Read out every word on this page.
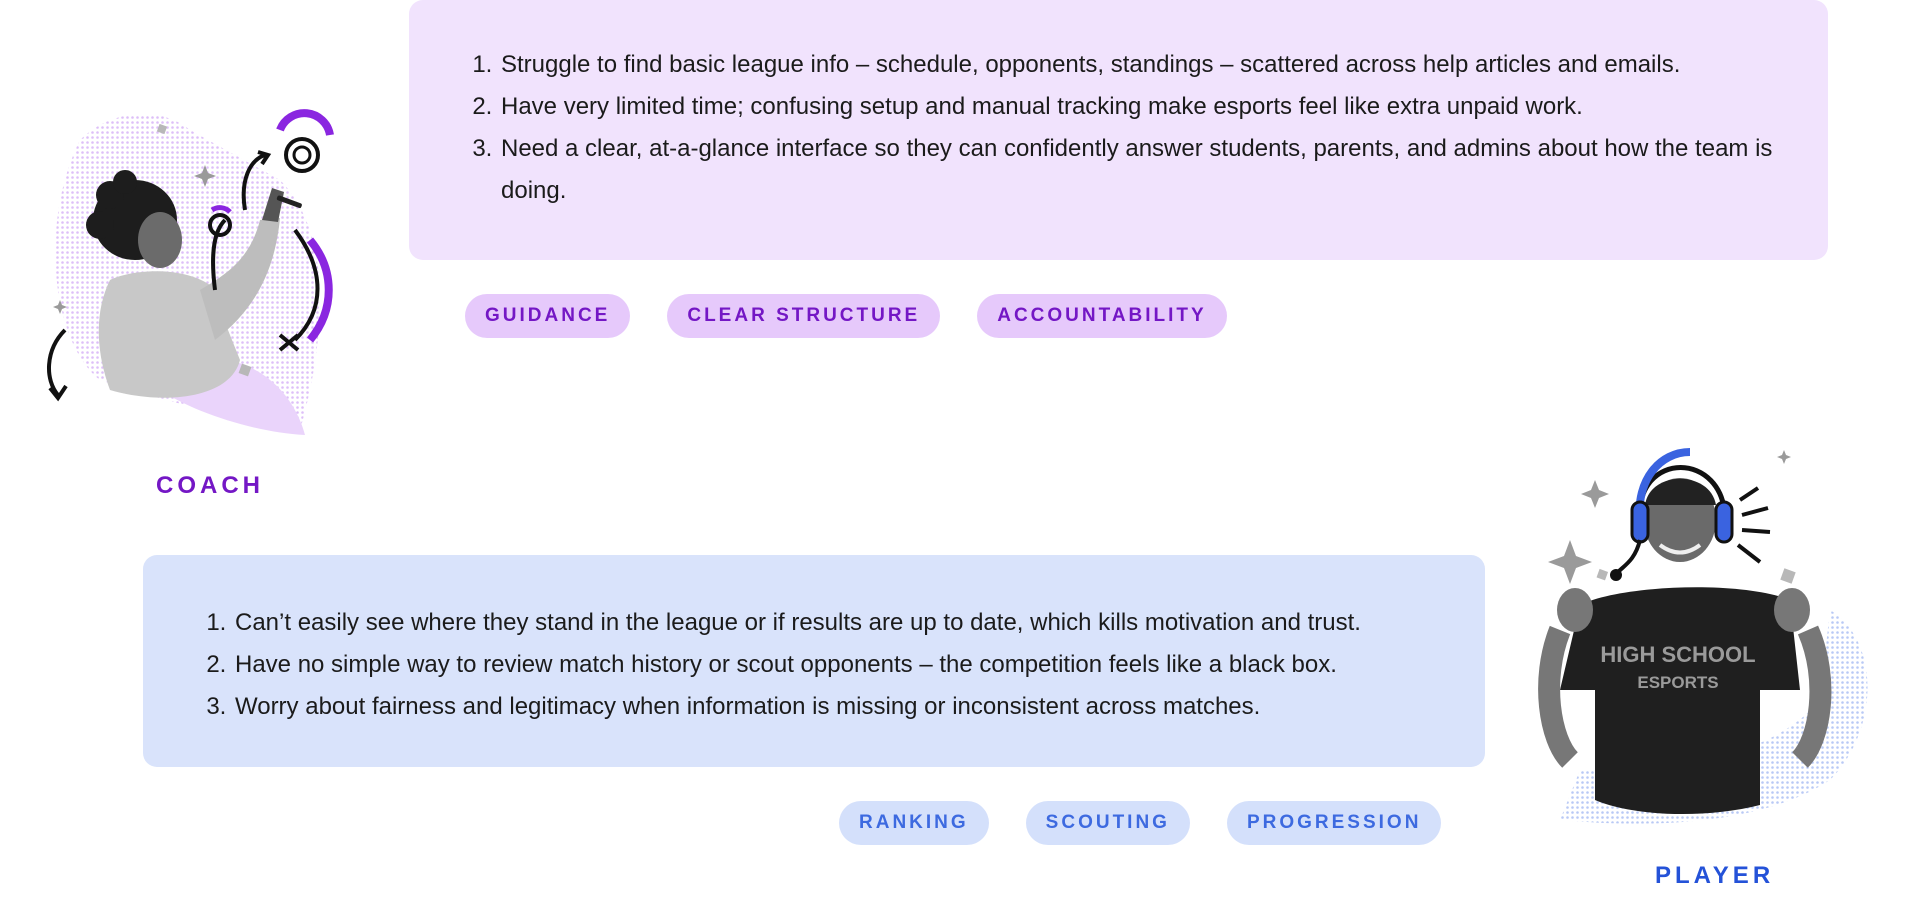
HIGH SCHOOL
ESPORTS
1. Struggle to find basic league info – schedule, opponents, standings – scattered across help articles and emails.
2. Have very limited time; confusing setup and manual tracking make esports feel like extra unpaid work.
3. Need a clear, at-a-glance interface so they can confidently answer students, parents, and admins about how the team is doing.
GUIDANCE	CLEAR STRUCTURE	ACCOUNTABILITY
COACH
1. Can’t easily see where they stand in the league or if results are up to date, which kills motivation and trust.
2. Have no simple way to review match history or scout opponents – the competition feels like a black box.
3. Worry about fairness and legitimacy when information is missing or inconsistent across matches.
RANKING	SCOUTING	PROGRESSION
PLAYER
